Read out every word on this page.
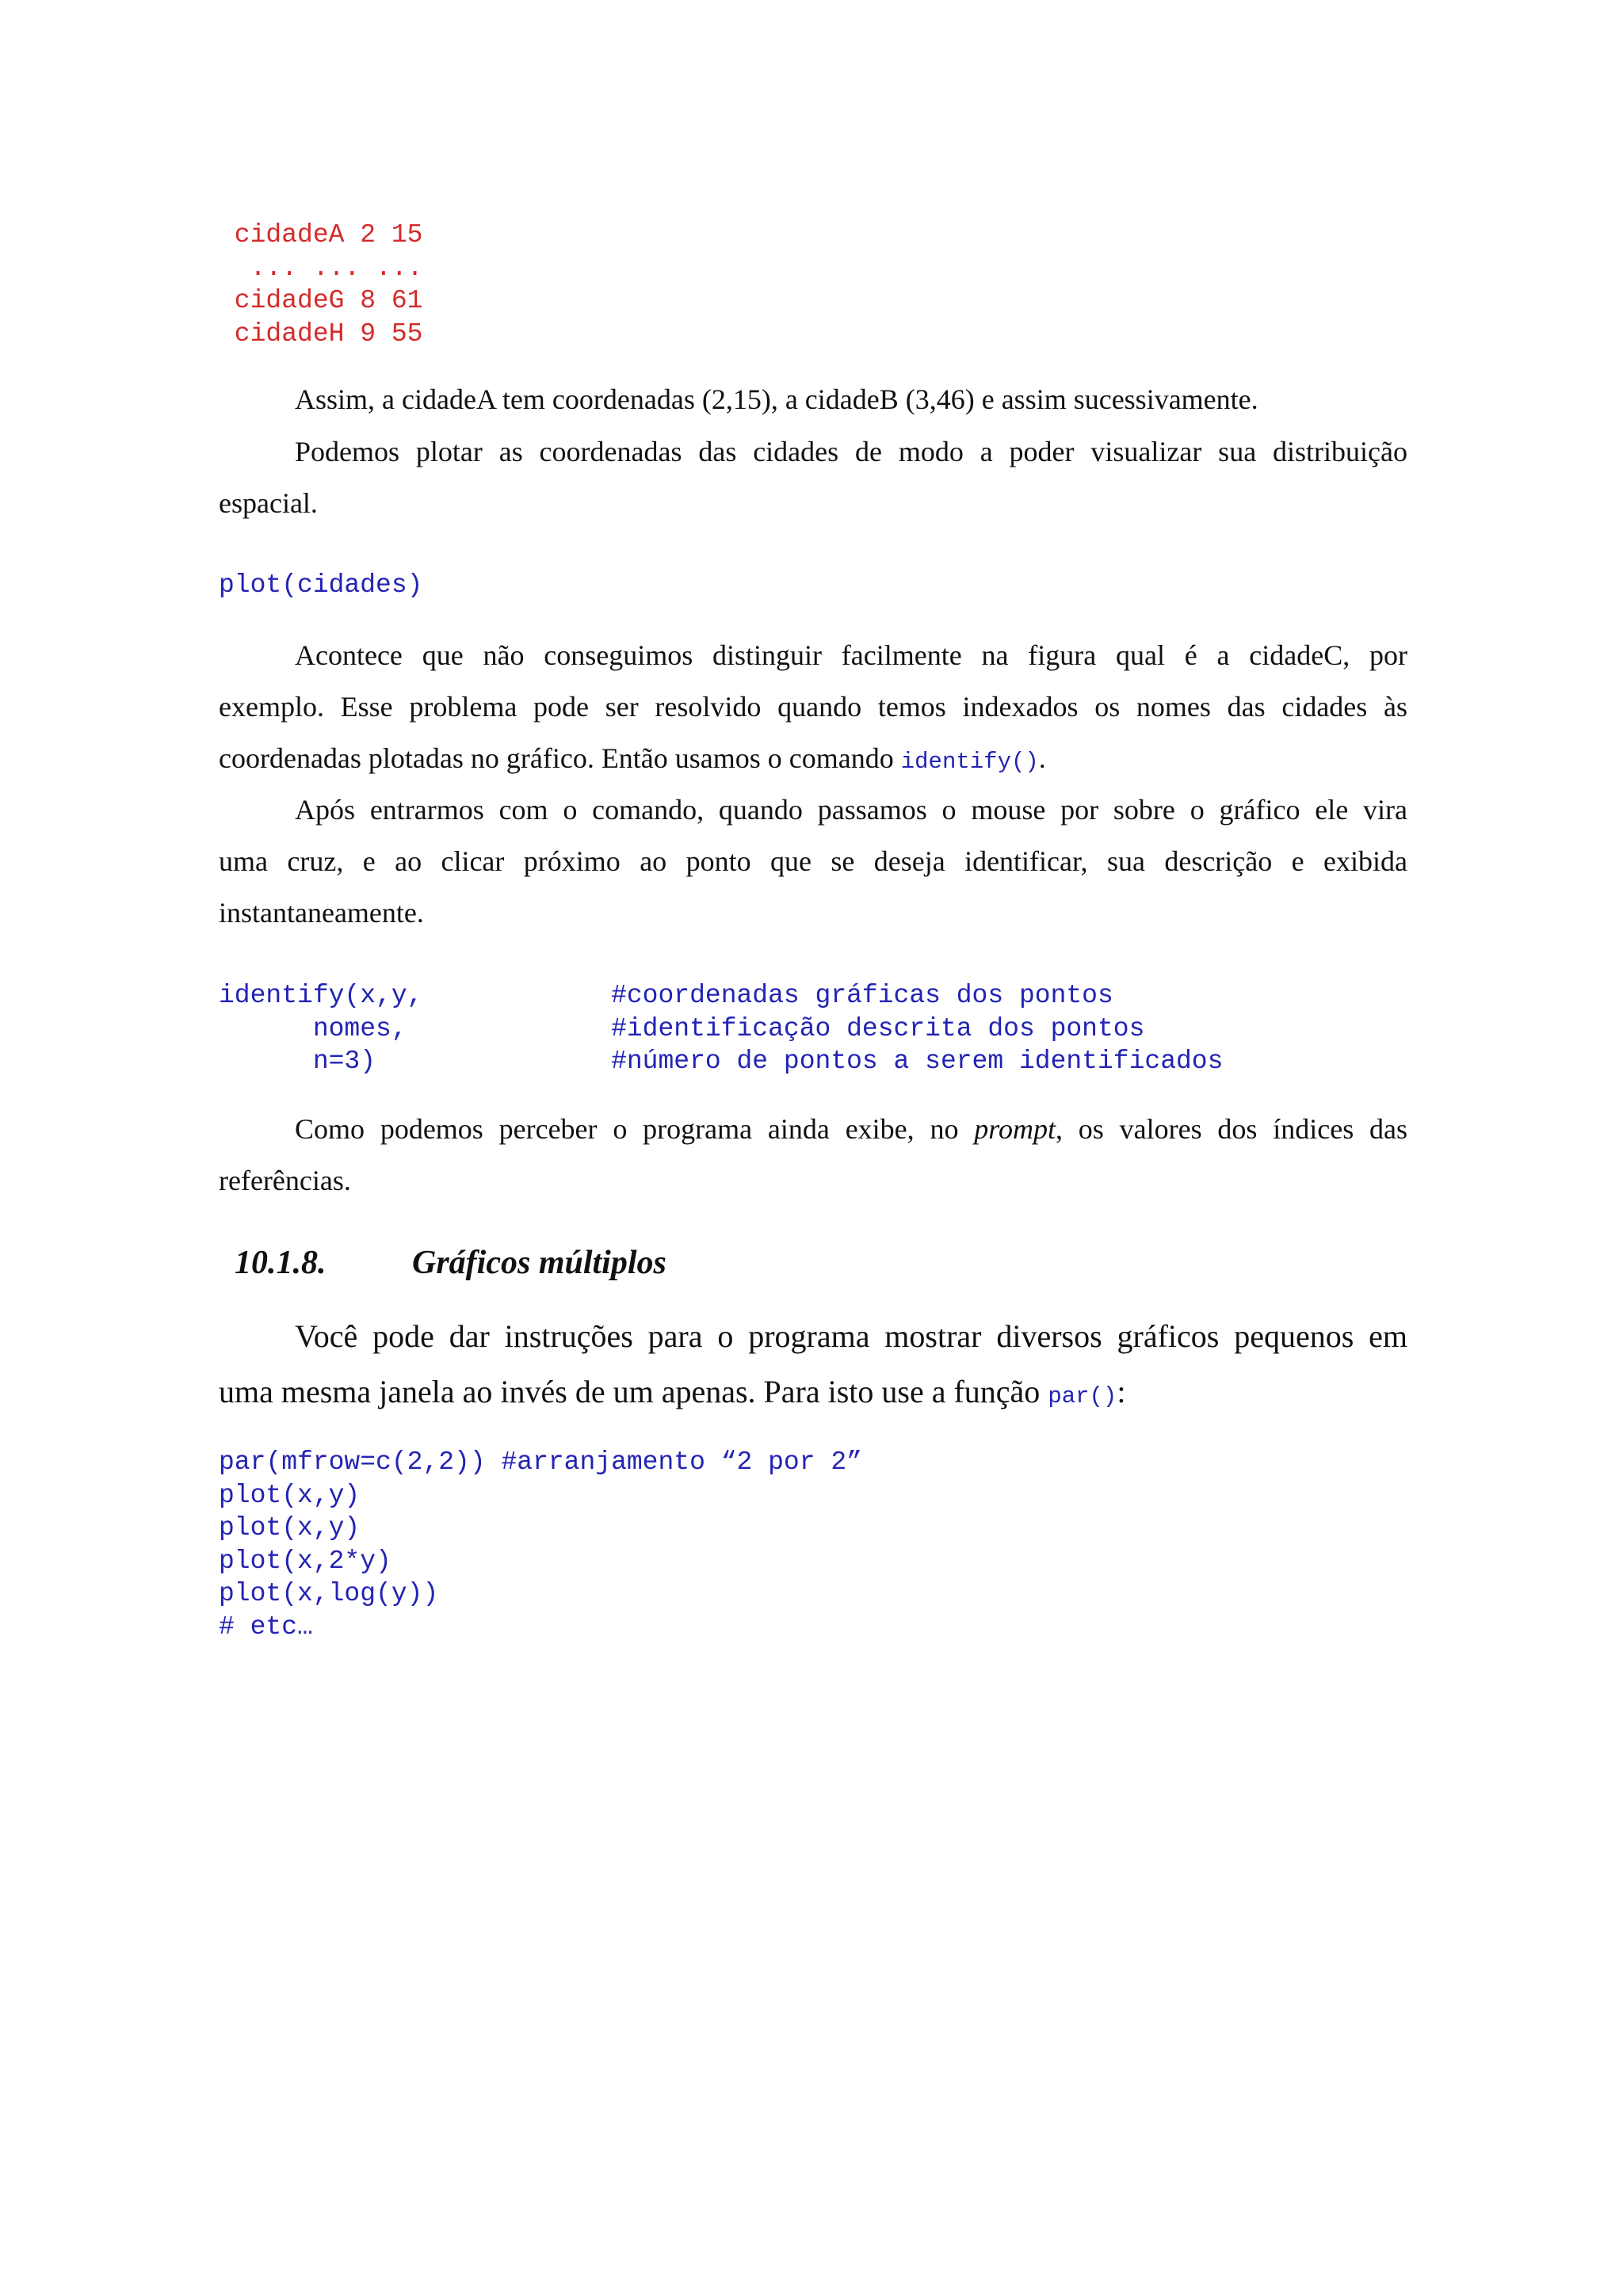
cidadeA 2 15
... ... ...
cidadeG 8 61
cidadeH 9 55

Assim, a cidadeA tem coordenadas (2,15), a cidadeB (3,46) e assim sucessivamente.

Podemos plotar as coordenadas das cidades de modo a poder visualizar sua distribuição
espacial.

plot(cidades)

Acontece que não conseguimos distinguir facilmente na figura qual é a cidadeC, por
exemplo. Esse problema pode ser resolvido quando temos indexados os nomes das cidades às
coordenadas plotadas no gráfico. Então usamos o comando identify().

Após entrarmos com o comando, quando passamos o mouse por sobre o gráfico ele vira
uma cruz, e ao clicar próximo ao ponto que se deseja identificar, sua descrição e exibida
instantaneamente.

identify(x,y,            #coordenadas gráficas dos pontos
nomes,             #identificação descrita dos pontos
n=3)               #número de pontos a serem identificados

Como podemos perceber o programa ainda exibe, no prompt, os valores dos índices das
referências.

10.1.8.	Gráficos múltiplos

Você pode dar instruções para o programa mostrar diversos gráficos pequenos em
uma mesma janela ao invés de um apenas. Para isto use a função par():

par(mfrow=c(2,2)) #arranjamento “2 por 2”
plot(x,y)
plot(x,y)
plot(x,2*y)
plot(x,log(y))
# etc…
